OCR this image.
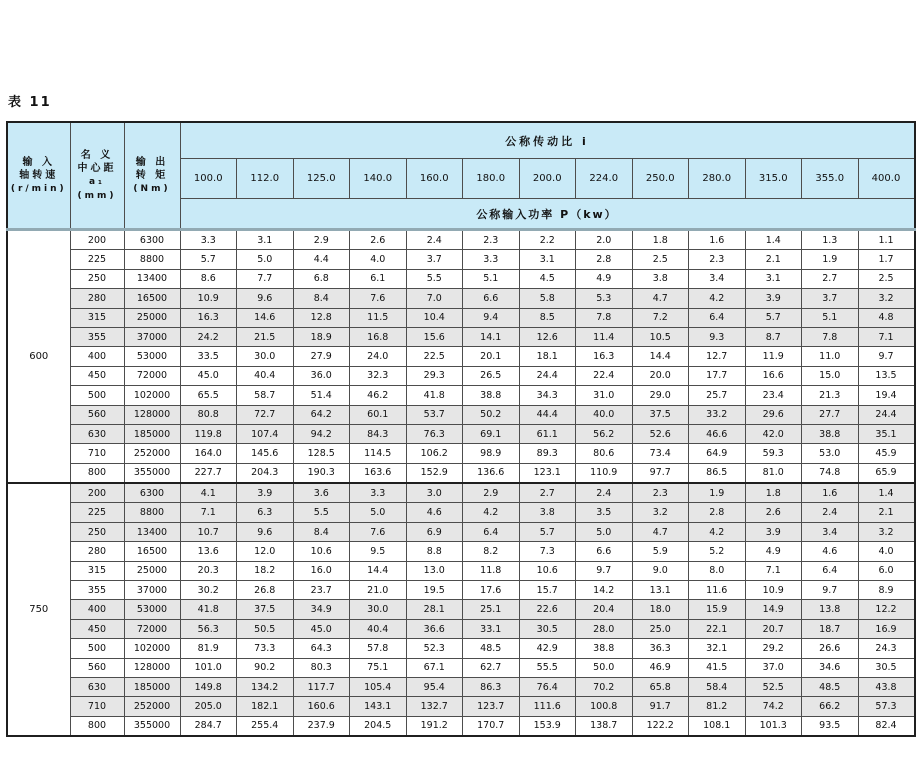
表 11
输 入
轴转速
(r/min)	名 义
中心距
a₁
(mm)	输 出
转 矩
(Nm)	公称传动比 i												
			100.0	112.0	125.0	140.0	160.0	180.0	200.0	224.0	250.0	280.0	315.0	355.0	400.0
			公称输入功率 P（kw）												
600	200	6300	3.3	3.1	2.9	2.6	2.4	2.3	2.2	2.0	1.8	1.6	1.4	1.3	1.1
	225	8800	5.7	5.0	4.4	4.0	3.7	3.3	3.1	2.8	2.5	2.3	2.1	1.9	1.7
	250	13400	8.6	7.7	6.8	6.1	5.5	5.1	4.5	4.9	3.8	3.4	3.1	2.7	2.5
	280	16500	10.9	9.6	8.4	7.6	7.0	6.6	5.8	5.3	4.7	4.2	3.9	3.7	3.2
	315	25000	16.3	14.6	12.8	11.5	10.4	9.4	8.5	7.8	7.2	6.4	5.7	5.1	4.8
	355	37000	24.2	21.5	18.9	16.8	15.6	14.1	12.6	11.4	10.5	9.3	8.7	7.8	7.1
	400	53000	33.5	30.0	27.9	24.0	22.5	20.1	18.1	16.3	14.4	12.7	11.9	11.0	9.7
	450	72000	45.0	40.4	36.0	32.3	29.3	26.5	24.4	22.4	20.0	17.7	16.6	15.0	13.5
	500	102000	65.5	58.7	51.4	46.2	41.8	38.8	34.3	31.0	29.0	25.7	23.4	21.3	19.4
	560	128000	80.8	72.7	64.2	60.1	53.7	50.2	44.4	40.0	37.5	33.2	29.6	27.7	24.4
	630	185000	119.8	107.4	94.2	84.3	76.3	69.1	61.1	56.2	52.6	46.6	42.0	38.8	35.1
	710	252000	164.0	145.6	128.5	114.5	106.2	98.9	89.3	80.6	73.4	64.9	59.3	53.0	45.9
	800	355000	227.7	204.3	190.3	163.6	152.9	136.6	123.1	110.9	97.7	86.5	81.0	74.8	65.9
750	200	6300	4.1	3.9	3.6	3.3	3.0	2.9	2.7	2.4	2.3	1.9	1.8	1.6	1.4
	225	8800	7.1	6.3	5.5	5.0	4.6	4.2	3.8	3.5	3.2	2.8	2.6	2.4	2.1
	250	13400	10.7	9.6	8.4	7.6	6.9	6.4	5.7	5.0	4.7	4.2	3.9	3.4	3.2
	280	16500	13.6	12.0	10.6	9.5	8.8	8.2	7.3	6.6	5.9	5.2	4.9	4.6	4.0
	315	25000	20.3	18.2	16.0	14.4	13.0	11.8	10.6	9.7	9.0	8.0	7.1	6.4	6.0
	355	37000	30.2	26.8	23.7	21.0	19.5	17.6	15.7	14.2	13.1	11.6	10.9	9.7	8.9
	400	53000	41.8	37.5	34.9	30.0	28.1	25.1	22.6	20.4	18.0	15.9	14.9	13.8	12.2
	450	72000	56.3	50.5	45.0	40.4	36.6	33.1	30.5	28.0	25.0	22.1	20.7	18.7	16.9
	500	102000	81.9	73.3	64.3	57.8	52.3	48.5	42.9	38.8	36.3	32.1	29.2	26.6	24.3
	560	128000	101.0	90.2	80.3	75.1	67.1	62.7	55.5	50.0	46.9	41.5	37.0	34.6	30.5
	630	185000	149.8	134.2	117.7	105.4	95.4	86.3	76.4	70.2	65.8	58.4	52.5	48.5	43.8
	710	252000	205.0	182.1	160.6	143.1	132.7	123.7	111.6	100.8	91.7	81.2	74.2	66.2	57.3
	800	355000	284.7	255.4	237.9	204.5	191.2	170.7	153.9	138.7	122.2	108.1	101.3	93.5	82.4
